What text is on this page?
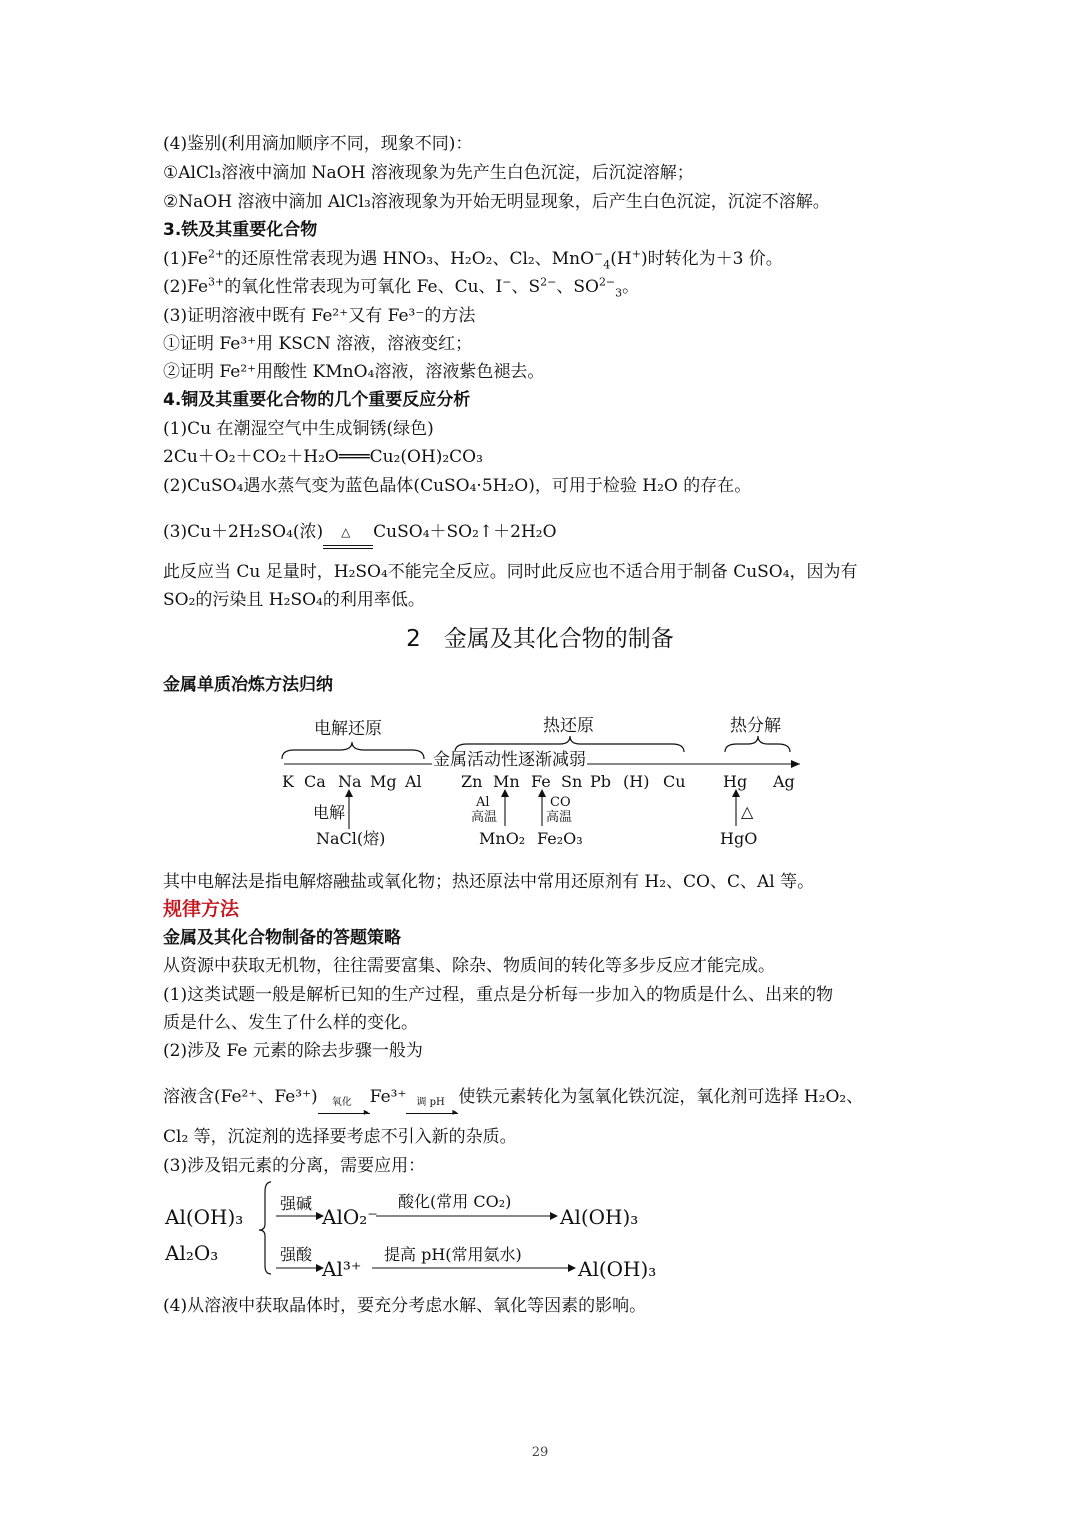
(4)鉴别(利用滴加顺序不同，现象不同)：
①AlCl₃溶液中滴加 NaOH 溶液现象为先产生白色沉淀，后沉淀溶解；
②NaOH 溶液中滴加 AlCl₃溶液现象为开始无明显现象，后产生白色沉淀，沉淀不溶解。
3.铁及其重要化合物
$(1)Fe^{2+}$的还原性常表现为遇 HNO₃、H₂O₂、Cl₂、MnO−$_4$(H+)时转化为＋3 价。
$(2)Fe^{3+}$的氧化性常表现为可氧化 Fe、Cu、I−、$S^{2-}$、$SO^{2-}_3$。
(3)证明溶液中既有 Fe²⁺又有 Fe³⁻的方法
①证明 Fe³⁺用 KSCN 溶液，溶液变红；
②证明 Fe²⁺用酸性 KMnO₄溶液，溶液紫色褪去。
4.铜及其重要化合物的几个重要反应分析
(1)Cu 在潮湿空气中生成铜锈(绿色)
2Cu＋O₂＋CO₂＋H₂O═══Cu₂(OH)₂CO₃
(2)CuSO₄遇水蒸气变为蓝色晶体(CuSO₄·5H₂O)，可用于检验 H₂O 的存在。
(3)Cu＋2H₂SO₄(浓) △ CuSO₄＋SO₂↑＋2H₂O
此反应当 Cu 足量时，H₂SO₄不能完全反应。同时此反应也不适合用于制备 CuSO₄，因为有
SO₂的污染且 H₂SO₄的利用率低。
2　金属及其化合物的制备
金属单质冶炼方法归纳
电解还原	热还原	热分解
金属活动性逐渐减弱
K Ca Na Mg Al Zn Mn Fe Sn Pb (H) Cu Hg Ag
电解
NaCl(熔)
Al
高温
CO
高温
MnO₂ Fe₂O₃
△
HgO
其中电解法是指电解熔融盐或氧化物；热还原法中常用还原剂有 H₂、CO、C、Al 等。
规律方法
金属及其化合物制备的答题策略
从资源中获取无机物，往往需要富集、除杂、物质间的转化等多步反应才能完成。
(1)这类试题一般是解析已知的生产过程，重点是分析每一步加入的物质是什么、出来的物
质是什么、发生了什么样的变化。
(2)涉及 Fe 元素的除去步骤一般为
溶液含(Fe²⁺、Fe³⁺) 氧化
▸
Fe³⁺ 调 pH
▸
使铁元素转化为氢氧化铁沉淀，氧化剂可选择 H₂O₂、
Cl₂ 等，沉淀剂的选择要考虑不引入新的杂质。
(3)涉及铝元素的分离，需要应用：
Al(OH)₃
Al₂O₃
强碱
AlO₂⁻
酸化(常用 CO₂)
Al(OH)₃
强酸
Al³⁺
提高 pH(常用氨水)
Al(OH)₃
(4)从溶液中获取晶体时，要充分考虑水解、氧化等因素的影响。
29
